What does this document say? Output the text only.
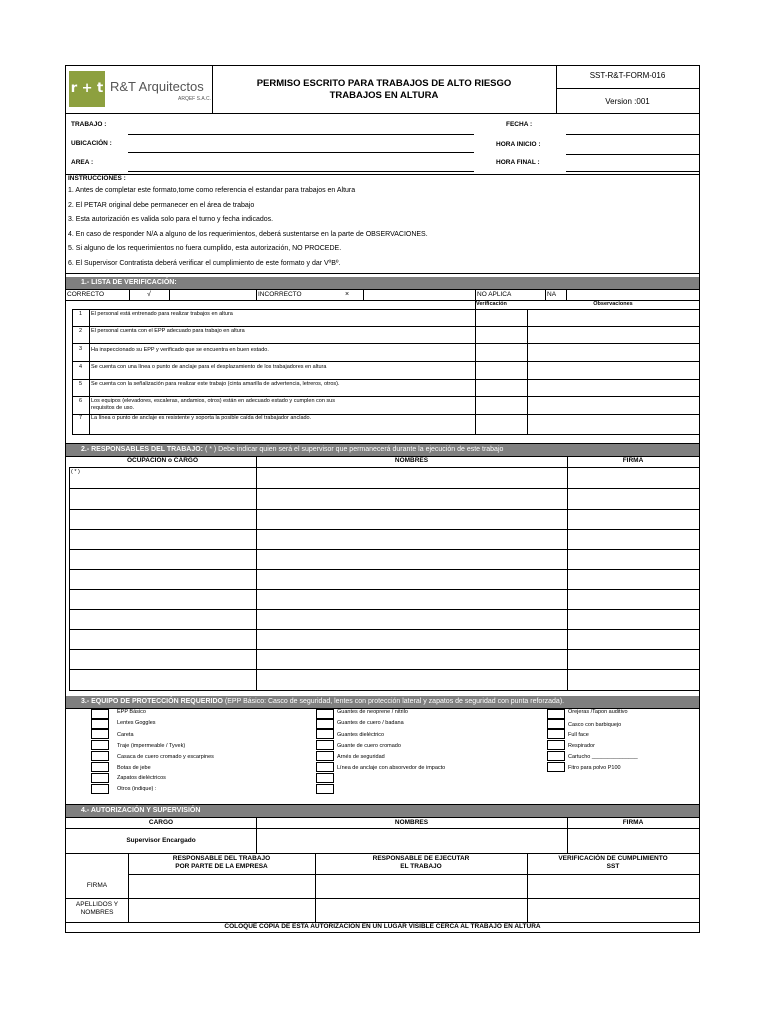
r + t R&T Arquitectos
ARQEF S.A.C.
PERMISO ESCRITO PARA TRABAJOS DE ALTO RIESGO
TRABAJOS EN ALTURA
SST-R&T-FORM-016
Version :001
TRABAJO :
UBICACIÓN :
AREA :
FECHA :
HORA INICIO :
HORA FINAL :
INSTRUCCIONES :
1. Antes de completar este formato,tome como referencia el estandar para trabajos en Altura
2. El PETAR original debe permanecer en el área de trabajo
3. Esta autorización es valida solo para el turno y fecha indicados.
4. En caso de responder N/A a alguno de los requerimientos, deberá sustentarse en la parte de OBSERVACIONES.
5. Si alguno de los requerimientos no fuera cumplido, esta autorización, NO PROCEDE.
6. El Supervisor Contratista deberá verificar el cumplimiento de este formato y dar VºBº.
1.- LISTA DE VERIFICACIÓN:
CORRECTO	√	INCORRECTO	×	NO APLICA	NA
Verificación	Observaciones
1	El personal está entrenado para realizar trabajos en altura
2	El personal cuenta con el EPP adecuado para trabajo en altura
3	Ha inspeccionado su EPP y verificado que se encuentra en buen estado.
4	Se cuenta con una línea o punto de anclaje para el desplazamiento de los trabajadores en altura
5	Se cuenta con la señalización para realizar este trabajo (cinta amarilla de advertencia, letreros, otros).
6	Los equipos (elevadores, escaleras, andamios, otros) están en adecuado estado y cumplen con sus
requisitos de uso.
7	La línea o punto de anclaje es resistente y soporta la posible caída del trabajador anclado.
2.- RESPONSABLES DEL TRABAJO: ( * ) Debe indicar quien será el supervisor que permanecerá durante la ejecución de este trabajo
OCUPACIÓN o CARGO	NOMBRES	FIRMA
( * )
3.- EQUIPO DE PROTECCIÓN REQUERIDO (EPP Básico: Casco de seguridad, lentes con protección lateral y zapatos de seguridad con punta reforzada).
EPP Básico
Lentes Goggles
Careta
Traje (impermeable / Tyvek)
Casaca de cuero cromado y escarpines
Botas de jebe
Zapatos dieléctricos
Otros (indique) :
Guantes de neoprene / nitrilo
Guantes de cuero / badana
Guantes dieléctrico
Guante de cuero cromado
Arnés de seguridad
Línea de anclaje con absorvedor de impacto
Orejeras /Tapon auditivo
Casco con barbiquejo
Full face
Respirador
Cartucho _______________
Fitro para polvo P100
4.- AUTORIZACIÓN Y SUPERVISIÓN
CARGO	NOMBRES	FIRMA
Supervisor Encargado
RESPONSABLE DEL TRABAJO
POR PARTE DE LA EMPRESA
RESPONSABLE DE EJECUTAR
EL TRABAJO
VERIFICACIÓN DE CUMPLIMIENTO
SST
FIRMA
APELLIDOS Y
NOMBRES
COLOQUE COPIA DE ESTA AUTORIZACION EN UN LUGAR VISIBLE CERCA AL TRABAJO EN ALTURA
